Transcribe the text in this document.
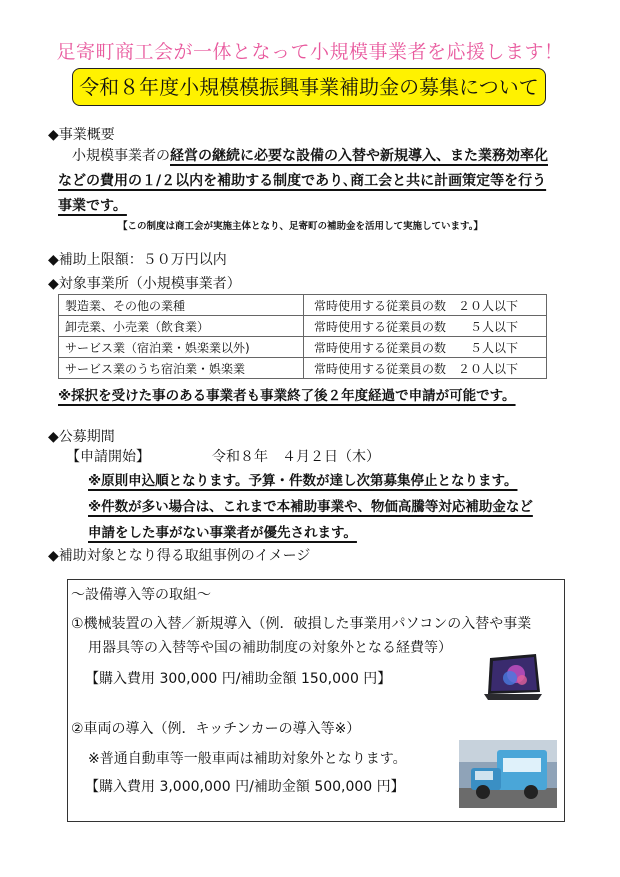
足寄町商工会が一体となって小規模事業者を応援します！
令和８年度小規模模振興事業補助金の募集について
◆事業概要
　小規模事業者の経営の継続に必要な設備の入替や新規導入、また業務効率化
などの費用の１/２以内を補助する制度であり､商工会と共に計画策定等を行う
事業です。
【この制度は商工会が実施主体となり、足寄町の補助金を活用して実施しています。】
◆補助上限額：５０万円以内
◆対象事業所（小規模事業者）
製造業、その他の業種	常時使用する従業員の数　２０人以下
卸売業、小売業（飲食業）	常時使用する従業員の数　　５人以下
サービス業（宿泊業・娯楽業以外)	常時使用する従業員の数　　５人以下
サービス業のうち宿泊業・娯楽業	常時使用する従業員の数　２０人以下
※採択を受けた事のある事業者も事業終了後２年度経過で申請が可能です。
◆公募期間
【申請開始】	令和８年　４月２日（木）
※原則申込順となります。予算・件数が達し次第募集停止となります。
※件数が多い場合は、これまで本補助事業や、物価高騰等対応補助金など
申請をした事がない事業者が優先されます。
◆補助対象となり得る取組事例のイメージ
～設備導入等の取組～
①機械装置の入替／新規導入（例．破損した事業用パソコンの入替や事業
用器具等の入替等や国の補助制度の対象外となる経費等）
【購入費用 300,000 円/補助金額 150,000 円】
②車両の導入（例．キッチンカーの導入等※）
※普通自動車等一般車両は補助対象外となります。
【購入費用 3,000,000 円/補助金額 500,000 円】
